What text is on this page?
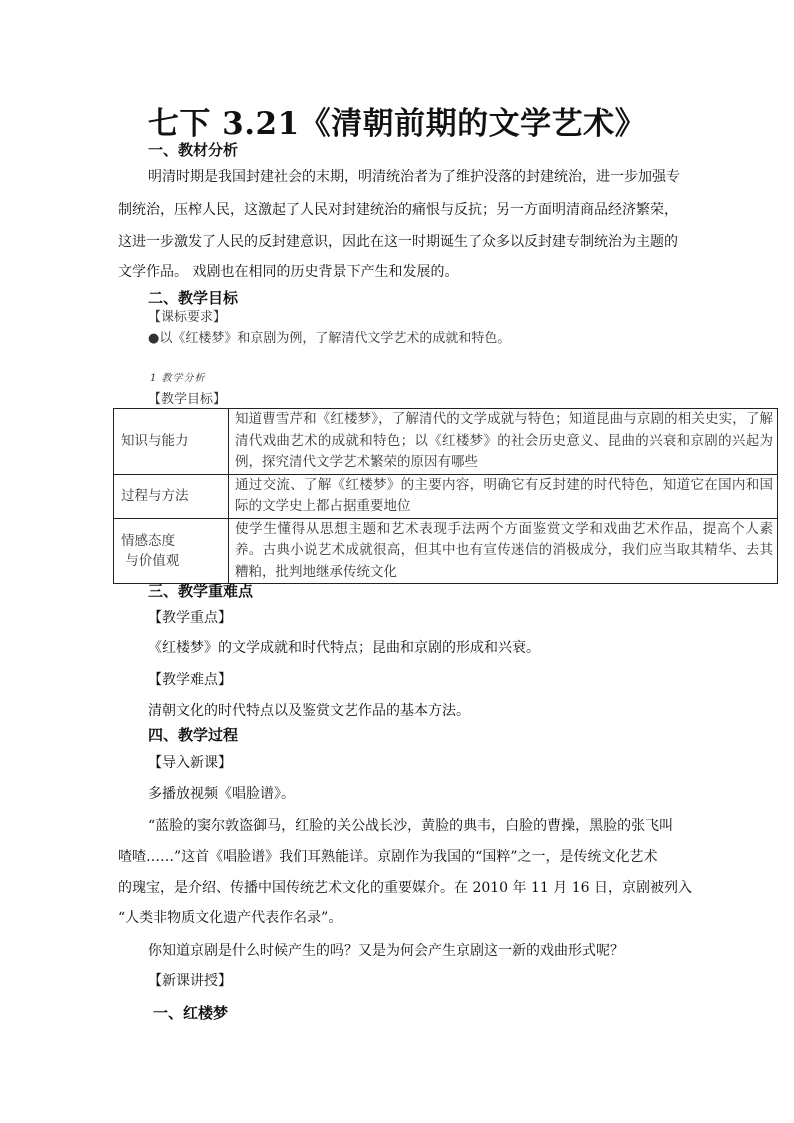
七下 3.21《清朝前期的文学艺术》
一、教材分析
明清时期是我国封建社会的末期，明清统治者为了维护没落的封建统治，进一步加强专
制统治，压榨人民，这激起了人民对封建统治的痛恨与反抗；另一方面明清商品经济繁荣，
这进一步激发了人民的反封建意识，因此在这一时期诞生了众多以反封建专制统治为主题的
文学作品。 戏剧也在相同的历史背景下产生和发展的。
二、教学目标
【课标要求】
●以《红楼梦》和京剧为例，了解清代文学艺术的成就和特色。
1 教学分析
【教学目标】
知识与能力	知道曹雪芹和《红楼梦》，了解清代的文学成就与特色；知道昆曲与京剧的相关史实，了解清代戏曲艺术的成就和特色；以《红楼梦》的社会历史意义、昆曲的兴衰和京剧的兴起为例，探究清代文学艺术繁荣的原因有哪些
过程与方法	通过交流、了解《红楼梦》的主要内容，明确它有反封建的时代特色，知道它在国内和国际的文学史上都占据重要地位

情感态度
与价值观	使学生懂得从思想主题和艺术表现手法两个方面鉴赏文学和戏曲艺术作品，提高个人素养。古典小说艺术成就很高，但其中也有宣传迷信的消极成分，我们应当取其精华、去其糟粕，批判地继承传统文化
三、教学重难点
【教学重点】
《红楼梦》的文学成就和时代特点；昆曲和京剧的形成和兴衰。
【教学难点】
清朝文化的时代特点以及鉴赏文艺作品的基本方法。
四、教学过程
【导入新课】
多播放视频《唱脸谱》。
“蓝脸的窦尔敦盗御马，红脸的关公战长沙，黄脸的典韦，白脸的曹操，黑脸的张飞叫
喳喳……”这首《唱脸谱》我们耳熟能详。京剧作为我国的“国粹”之一，是传统文化艺术
的瑰宝，是介绍、传播中国传统艺术文化的重要媒介。在 2010 年 11 月 16 日，京剧被列入
“人类非物质文化遗产代表作名录”。
你知道京剧是什么时候产生的吗？又是为何会产生京剧这一新的戏曲形式呢？
【新课讲授】
一、红楼梦
